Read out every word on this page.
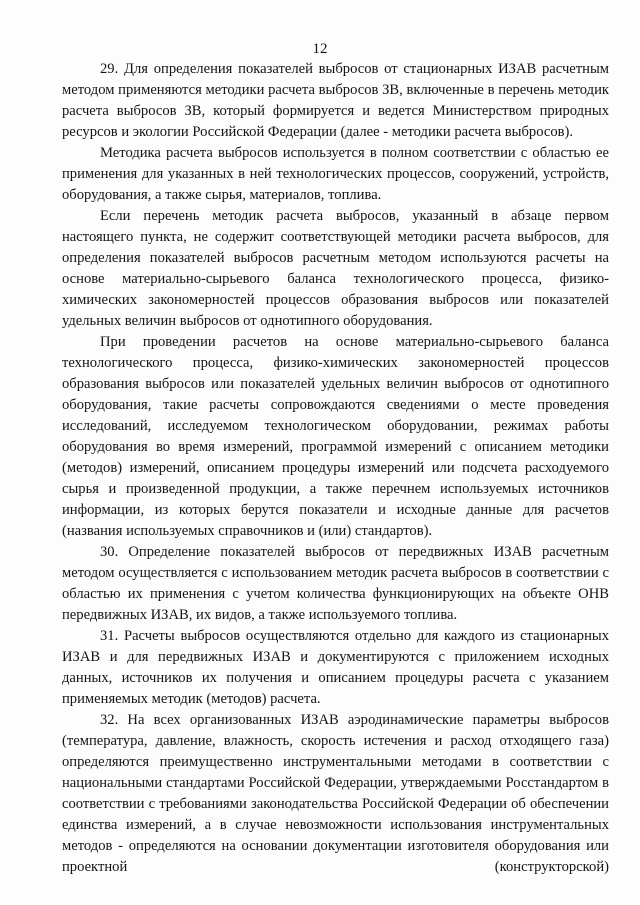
12

29. Для определения показателей выбросов от стационарных ИЗАВ расчетным методом применяются методики расчета выбросов ЗВ, включенные в перечень методик расчета выбросов ЗВ, который формируется и ведется Министерством природных ресурсов и экологии Российской Федерации (далее - методики расчета выбросов).

Методика расчета выбросов используется в полном соответствии с областью ее применения для указанных в ней технологических процессов, сооружений, устройств, оборудования, а также сырья, материалов, топлива.

Если перечень методик расчета выбросов, указанный в абзаце первом настоящего пункта, не содержит соответствующей методики расчета выбросов, для определения показателей выбросов расчетным методом используются расчеты на основе материально-сырьевого баланса технологического процесса, физико-химических закономерностей процессов образования выбросов или показателей удельных величин выбросов от однотипного оборудования.

При проведении расчетов на основе материально-сырьевого баланса технологического процесса, физико-химических закономерностей процессов образования выбросов или показателей удельных величин выбросов от однотипного оборудования, такие расчеты сопровождаются сведениями о месте проведения исследований, исследуемом технологическом оборудовании, режимах работы оборудования во время измерений, программой измерений с описанием методики (методов) измерений, описанием процедуры измерений или подсчета расходуемого сырья и произведенной продукции, а также перечнем используемых источников информации, из которых берутся показатели и исходные данные для расчетов (названия используемых справочников и (или) стандартов).

30. Определение показателей выбросов от передвижных ИЗАВ расчетным методом осуществляется с использованием методик расчета выбросов в соответствии с областью их применения с учетом количества функционирующих на объекте ОНВ передвижных ИЗАВ, их видов, а также используемого топлива.

31. Расчеты выбросов осуществляются отдельно для каждого из стационарных ИЗАВ и для передвижных ИЗАВ и документируются с приложением исходных данных, источников их получения и описанием процедуры расчета с указанием применяемых методик (методов) расчета.

32. На всех организованных ИЗАВ аэродинамические параметры выбросов (температура, давление, влажность, скорость истечения и расход отходящего газа) определяются преимущественно инструментальными методами в соответствии с национальными стандартами Российской Федерации, утверждаемыми Росстандартом в соответствии с требованиями законодательства Российской Федерации об обеспечении единства измерений, а в случае невозможности использования инструментальных методов - определяются на основании документации изготовителя оборудования или проектной (конструкторской)
